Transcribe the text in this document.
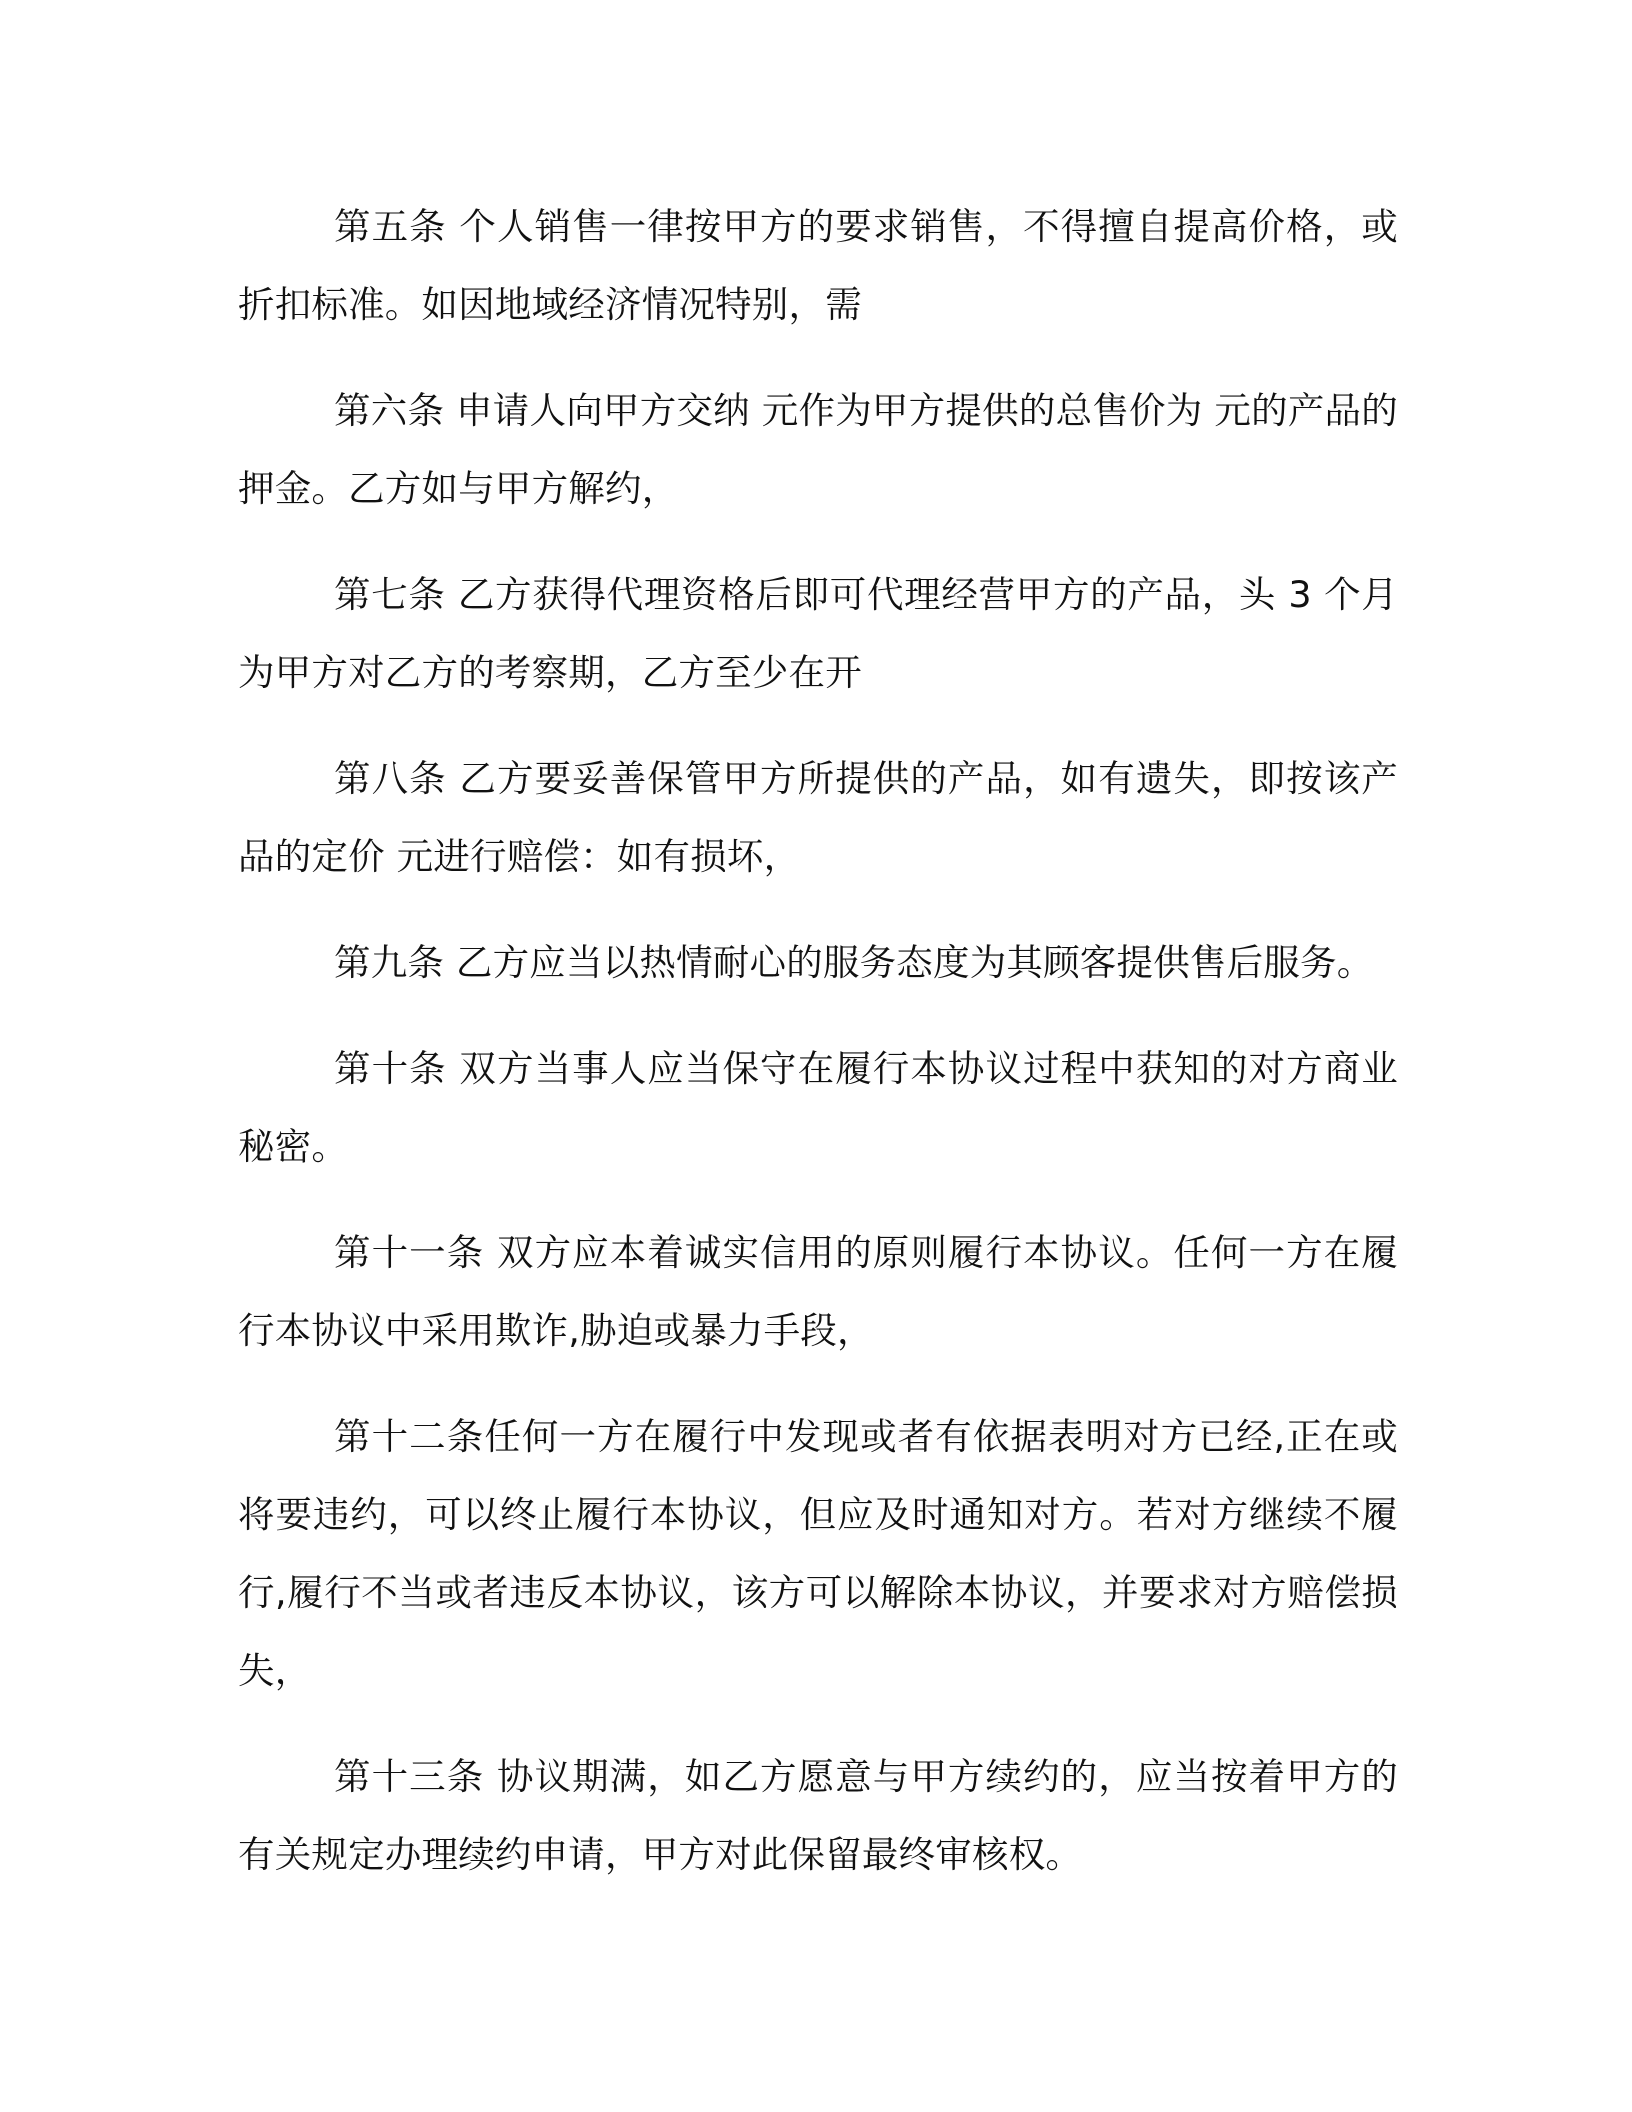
第五条 个人销售一律按甲方的要求销售，不得擅自提高价格，或折扣标准。如因地域经济情况特别，需

第六条 申请人向甲方交纳 元作为甲方提供的总售价为 元的产品的押金。乙方如与甲方解约，

第七条 乙方获得代理资格后即可代理经营甲方的产品，头 3 个月为甲方对乙方的考察期，乙方至少在开

第八条 乙方要妥善保管甲方所提供的产品，如有遗失，即按该产品的定价 元进行赔偿：如有损坏，

第九条 乙方应当以热情耐心的服务态度为其顾客提供售后服务。

第十条 双方当事人应当保守在履行本协议过程中获知的对方商业秘密。

第十一条 双方应本着诚实信用的原则履行本协议。任何一方在履行本协议中采用欺诈,胁迫或暴力手段，

第十二条任何一方在履行中发现或者有依据表明对方已经,正在或将要违约，可以终止履行本协议，但应及时通知对方。若对方继续不履行,履行不当或者违反本协议，该方可以解除本协议，并要求对方赔偿损失，

第十三条 协议期满，如乙方愿意与甲方续约的，应当按着甲方的有关规定办理续约申请，甲方对此保留最终审核权。
